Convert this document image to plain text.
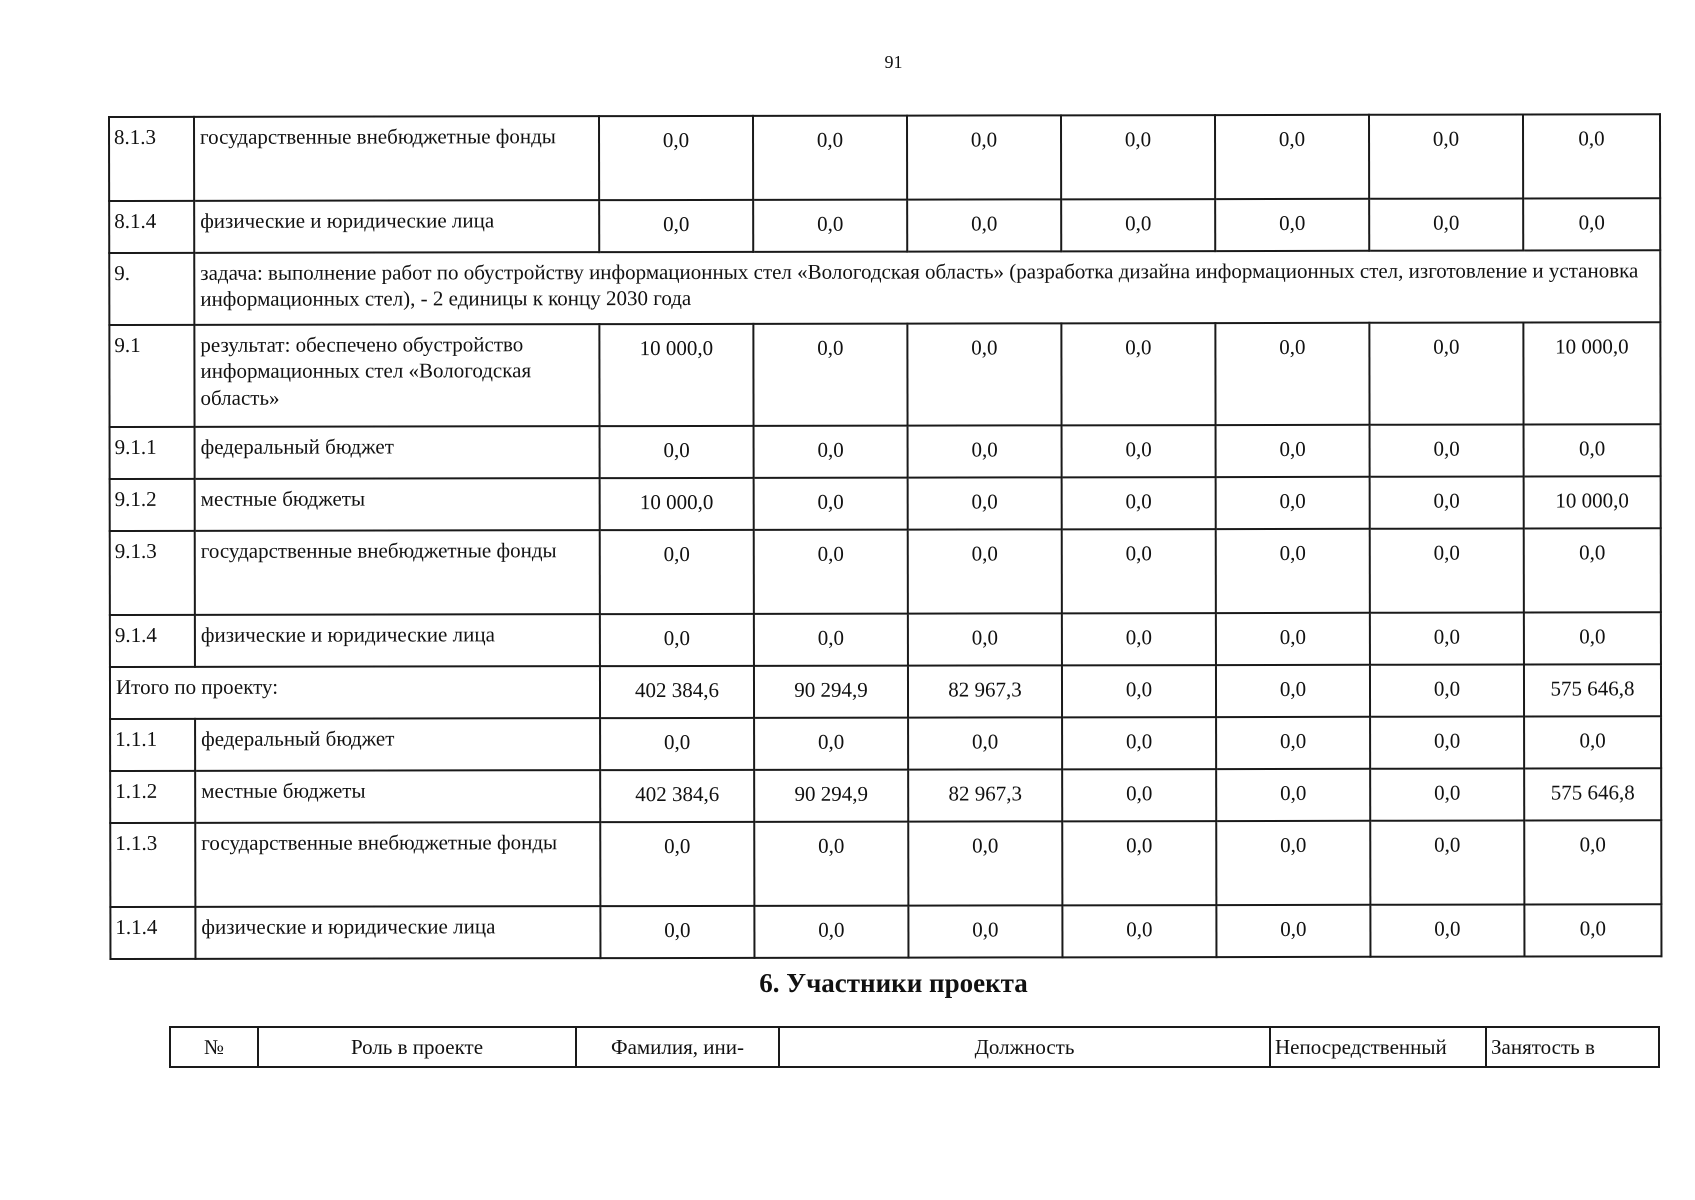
91
8.1.3	государственные внебюджетные фонды	0,0	0,0	0,0	0,0	0,0	0,0	0,0
8.1.4	физические и юридические лица	0,0	0,0	0,0	0,0	0,0	0,0	0,0
9.	задача: выполнение работ по обустройству информационных стел «Вологодская область» (разработка дизайна информационных стел, изготовление и установка информационных стел), - 2 единицы к концу 2030 года							
9.1	результат: обеспечено обустройство информационных стел «Вологодская область»	10 000,0	0,0	0,0	0,0	0,0	0,0	10 000,0
9.1.1	федеральный бюджет	0,0	0,0	0,0	0,0	0,0	0,0	0,0
9.1.2	местные бюджеты	10 000,0	0,0	0,0	0,0	0,0	0,0	10 000,0
9.1.3	государственные внебюджетные фонды	0,0	0,0	0,0	0,0	0,0	0,0	0,0
9.1.4	физические и юридические лица	0,0	0,0	0,0	0,0	0,0	0,0	0,0
Итого по проекту:		402 384,6	90 294,9	82 967,3	0,0	0,0	0,0	575 646,8
1.1.1	федеральный бюджет	0,0	0,0	0,0	0,0	0,0	0,0	0,0
1.1.2	местные бюджеты	402 384,6	90 294,9	82 967,3	0,0	0,0	0,0	575 646,8
1.1.3	государственные внебюджетные фонды	0,0	0,0	0,0	0,0	0,0	0,0	0,0
1.1.4	физические и юридические лица	0,0	0,0	0,0	0,0	0,0	0,0	0,0
6. Участники проекта
№	Роль в проекте	Фамилия, ини-	Должность	Непосредственный	Занятость в
